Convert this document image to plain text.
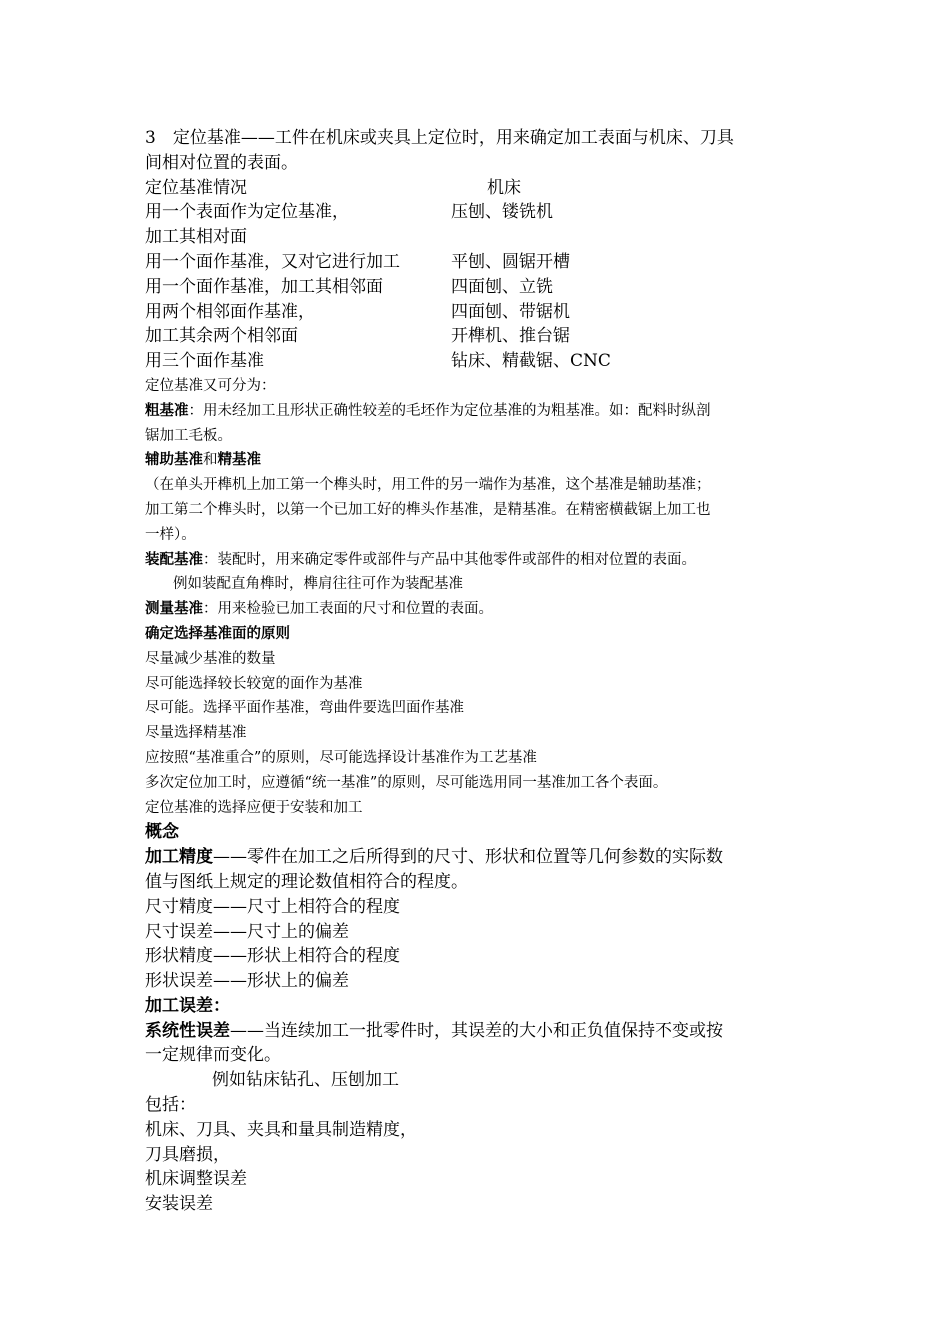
3　定位基准——工件在机床或夹具上定位时，用来确定加工表面与机床、刀具
间相对位置的表面。
定位基准情况	机床
用一个表面作为定位基准，	压刨、镂铣机
加工其相对面
用一个面作基准，又对它进行加工	平刨、圆锯开槽
用一个面作基准，加工其相邻面	四面刨、立铣
用两个相邻面作基准，	四面刨、带锯机
加工其余两个相邻面	开榫机、推台锯
用三个面作基准	钻床、精截锯、CNC
定位基准又可分为：
粗基准：用未经加工且形状正确性较差的毛坯作为定位基准的为粗基准。如：配料时纵剖
锯加工毛板。
辅助基准和精基准
（在单头开榫机上加工第一个榫头时，用工件的另一端作为基准，这个基准是辅助基准；
加工第二个榫头时，以第一个已加工好的榫头作基准，是精基准。在精密横截锯上加工也
一样）。
装配基准：装配时，用来确定零件或部件与产品中其他零件或部件的相对位置的表面。
例如装配直角榫时，榫肩往往可作为装配基准
测量基准：用来检验已加工表面的尺寸和位置的表面。
确定选择基准面的原则
尽量减少基准的数量
尽可能选择较长较宽的面作为基准
尽可能。选择平面作基准，弯曲件要选凹面作基准
尽量选择精基准
应按照“基准重合”的原则，尽可能选择设计基准作为工艺基准
多次定位加工时，应遵循“统一基准”的原则，尽可能选用同一基准加工各个表面。
定位基准的选择应便于安装和加工
概念
加工精度——零件在加工之后所得到的尺寸、形状和位置等几何参数的实际数
值与图纸上规定的理论数值相符合的程度。
尺寸精度——尺寸上相符合的程度
尺寸误差——尺寸上的偏差
形状精度——形状上相符合的程度
形状误差——形状上的偏差
加工误差：
系统性误差——当连续加工一批零件时，其误差的大小和正负值保持不变或按
一定规律而变化。
例如钻床钻孔、压刨加工
包括：
机床、刀具、夹具和量具制造精度，
刀具磨损，
机床调整误差
安装误差
